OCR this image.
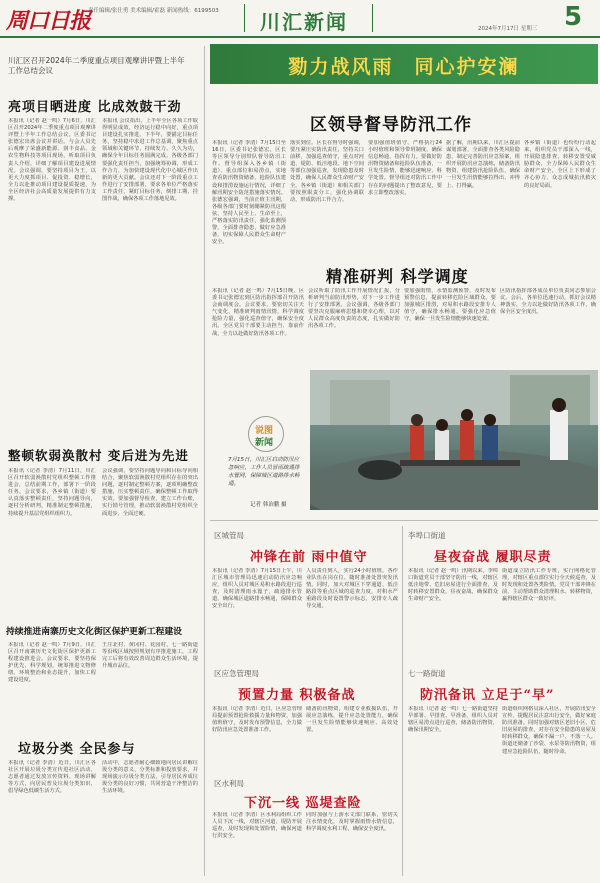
周口日报
责任编辑/张仕勇 美术编辑/霍磊 新闻热线：6199503 川汇新闻	2024年7月17日 星期三 5
川汇区召开2024年二季度重点项目观摩讲评暨上半年工作总结会议
亮项目晒进度 比成效鼓干劲
本报讯（记者 赵一鸣）7月6日，川汇区召开2024年二季度重点项目观摩讲评暨上半年工作总结会议。区委书记张德宏出席会议并讲话。与会人员先后观摩了荣盛新能源、润丰食品、金农生物科技等项目现场，听取项目负责人介绍，详细了解项目建设进展情况。会议强调，要坚持项目为王，以更大力度抓项目、促投资、稳增长，全力以赴推动项目建设提质提速，为全区经济社会高质量发展提供有力支撑。
本报讯 会议指出，上半年全区各项工作取得明显成效，经济运行稳中向好，重点项目建设扎实推进。下半年，要锚定目标任务，坚持稳中求进工作总基调，聚焦重点领域和关键环节，持续发力、久久为功，确保全年目标任务圆满完成。各级各部门要强化责任担当，加强统筹协调，形成工作合力，为加快建设现代化中心城区作出新的更大贡献。会议还对下一阶段重点工作进行了安排部署，要求各单位严格落实工作责任，紧盯目标任务，倒排工期、挂图作战，确保各项工作落地见效。
整顿软弱涣散村 变后进为先进
本报讯（记者 李清）7月11日，川汇区召开软弱涣散村党组织整顿工作推进会，总结前期工作，部署下一阶段任务。会议要求，各乡镇（街道）要认真落实整顿责任，坚持问题导向，逐村分析研判，精准制定整顿措施，持续提升基层党组织组织力。
会议强调，要坚持问题导向和目标导向相结合，聚焦软弱涣散村党组织存在的突出问题，逐村制定整顿方案，逐项明确整改措施，压实整顿责任，确保整顿工作取得实效。要加强督导检查，建立工作台账，实行销号管理，推动软弱涣散村党组织全面进步、全面过硬。
持续推进南寨历史文化街区保护更新工程建设
本报讯（记者 赵一鸣）7月9日，川汇区召开南寨历史文化街区保护更新工程建设推进会。会议要求，要坚持保护优先、科学规划，统筹推进文物修缮、环境整治和业态提升，加快工程建设进度。
王庄北村、黄冈村、花园村、七一路街道等沿线区域按照规划有序推进施工，工程完工后将有效改善周边群众生活环境，提升城市品位。
垃圾分类 全民参与
本报讯（记者 李清）近日，川汇区各社区开展垃圾分类宣传进社区活动，志愿者通过发放宣传资料、现场讲解等方式，向居民普及垃圾分类知识，倡导绿色低碳生活方式。
活动中，志愿者耐心细致地向居民讲解垃圾分类的意义、分类标准和投放要求，并现场演示垃圾分类方法，引导居民养成垃圾分类的良好习惯，共同营造干净整洁的生活环境。
勠力战风雨　同心护安澜
区领导督导防汛工作
本报讯（记者 李清）7月15日至16日，区委书记张德宏、区长等区领导分别带队督导防汛工作。督导组深入各乡镇（街道）、重点部位和易涝点，实地查看防汛物资储备、抢险队伍建设和排涝设施运行情况，详细了解汛期安全防范措施落实情况。张德宏强调，当前正值主汛期，各级各部门要时刻绷紧防汛这根弦，坚持人民至上、生命至上，严格落实防汛责任，强化监测预警，全面排查隐患，做好应急准备，切实保障人民群众生命财产安全。
落实到位。区长在督导时强调，要压紧压实防汛责任，坚持关口前移，加强巡查值守，重点对河道、堤防、低洼地段、地下空间等部位加强巡查，发现隐患及时处置，确保人民群众生命财产安全。各乡镇（街道）和相关部门要按照职责分工，强化协调联动，形成防汛工作合力。
要加强值班值守，严格执行24小时值班和领导带班制度，确保信息畅通、指挥有力。要做好防汛物资储备和抢险队伍准备，一旦发生险情，能够迅速响应、科学处置。督导组还对防汛工作中存在的问题提出了整改意见，要求立即整改落实。
据了解，汛期以来，川汇区提前谋划部署，全面排查各类风险隐患，制定完善防汛应急预案，组织开展防汛应急演练，储备防汛物资，组建防汛抢险队伍，确保一旦发生汛情能够拉得出、冲得上、打得赢。
各乡镇（街道）也纷纷行动起来，组织党员干部深入一线，开展隐患排查，转移安置受威胁群众，全力保障人民群众生命财产安全，全区上下形成了齐心协力、众志成城抗汛救灾的良好局面。
精准研判 科学调度
本报讯（记者 赵一鸣）7月15日晚，区委书记张德宏到区防汛指挥部召开防汛会商调度会。会议要求，要密切关注天气变化，精准研判雨情汛情，科学调度抢险力量，强化巡查值守，确保安全度汛。全区党员干部要主动担当、靠前作战，全力以赴做好防汛各项工作。
会议听取了防汛工作开展情况汇报，分析研判当前防汛形势，对下一步工作进行了安排部署。会议强调，各级各部门要坚决克服麻痹思想和侥幸心理，以对人民群众高度负责的态度，扎实做好防汛各项工作。
要加强雨情、水情监测预警，及时发布预警信息，提前转移危险区域群众。要加强城区排涝，对易积水路段安排专人值守，确保排水畅通。要强化应急值守，确保一旦发生险情能够快速处置。
区防汛指挥部各成员单位负责同志参加会议。会后，各单位迅速行动，抓好会议精神落实，全力以赴做好防汛各项工作，确保全区安全度汛。
说图
新闻
7月15日，川汇区启动防汛应急响应，工作人员冒雨疏通排水管网，保障城区道路排水畅通。
记者 韩治鹏 摄
区城管局
冲锋在前 雨中值守
本报讯（记者 李清）7月15日上午，川汇区城市管理局迅速启动防汛应急响应，组织人员对城区易积水路段进行巡查，及时清理雨水篦子，疏通排水管道，确保城区道路排水畅通，保障群众安全出行。
人员责任到人，实行24小时值班，各作业队伍在岗在位，随时准备处置突发汛情。同时，加大对城区下穿通道、低洼路段等重点区域的巡查力度，对积水严重路段及时设置警示标志，安排专人疏导交通。
李埠口街道
昼夜奋战 履职尽责
本报讯（记者 赵一鸣）汛期以来，李埠口街道党员干部坚守防汛一线，对辖区低洼地带、危旧房屋进行全面排查，及时转移安置群众，昼夜奋战，确保群众生命财产安全。
街道成立防汛工作专班，实行网格化管理，对辖区重点部位实行全天候巡查，及时发现和处置各类险情。党员干部冲锋在前，主动帮助群众清理积水、转移物资，赢得辖区群众一致好评。
区应急管理局
预置力量 积极备战
本报讯（记者 李清）近日，区应急管理局提前预置抢险救援力量和物资，加强值班值守，及时发布预警信息，全力做好防汛应急处置准备工作。
储备防汛物资，组建专业救援队伍，开展应急演练，提升应急处置能力，确保一旦发生险情能够快速响应、高效处置。
七一路街道
防汛备讯 立足于“早”
本报讯（记者 赵一鸣）七一路街道坚持早部署、早排查、早准备，组织人员对辖区易涝点进行巡查，储备防汛物资，确保汛期安全。
街道组织网格员深入社区，开展防汛安全宣传，提醒居民注意出行安全，做好家庭防汛准备。同时加强对辖区老旧小区、危旧房屋的排查，对存在安全隐患的房屋及时转移群众，确保不漏一户、不落一人。街道还储备了沙袋、水泵等防汛物资，组建应急抢险队伍，随时待命。
区水利局
下沉一线 巡堤查险
本报讯（记者 李清）区水利局组织工作人员下沉一线，对辖区河道、堤防开展巡查，及时发现和处置险情，确保河道行洪安全。
同时加强与上游水文部门联系，密切关注水情变化，及时掌握雨情水情信息，科学调度水利工程，确保安全度汛。
